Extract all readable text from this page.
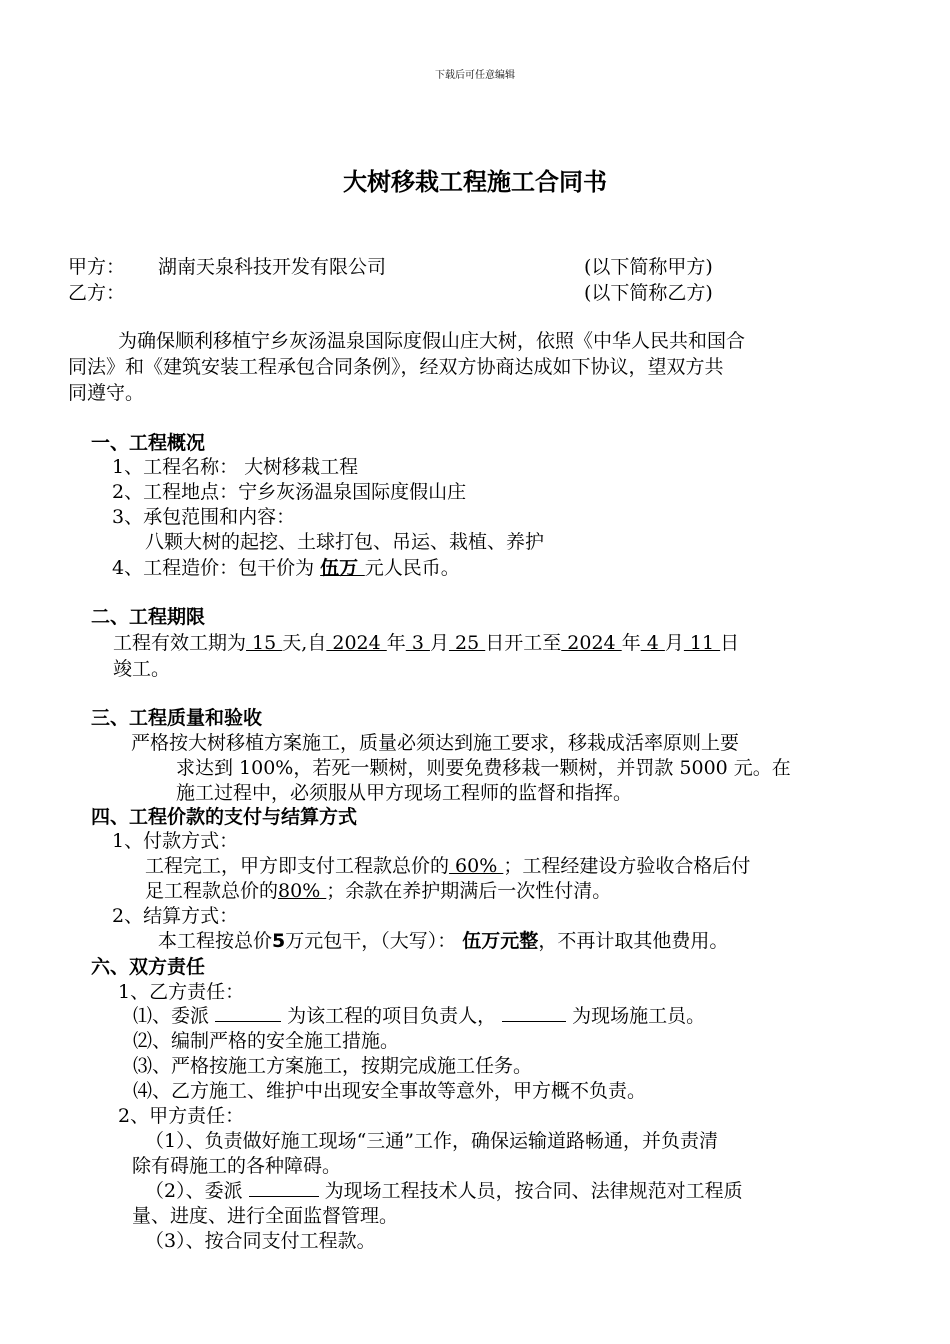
下载后可任意编辑
大树移栽工程施工合同书
甲方： 湖南天泉科技开发有限公司	(以下简称甲方)
乙方：	(以下简称乙方)
为确保顺利移植宁乡灰汤温泉国际度假山庄大树，依照《中华人民共和国合
同法》和《建筑安装工程承包合同条例》，经双方协商达成如下协议，望双方共
同遵守。
一、工程概况
1、工程名称： 大树移栽工程
2、工程地点：宁乡灰汤温泉国际度假山庄
3、承包范围和内容：
八颗大树的起挖、土球打包、吊运、栽植、养护
4、工程造价：包干价为 伍万 元人民币。
二、工程期限
工程有效工期为 15 天,自 2024 年 3 月 25 日开工至 2024 年 4 月 11 日
竣工。
三、工程质量和验收
严格按大树移植方案施工，质量必须达到施工要求，移栽成活率原则上要
求达到 100%，若死一颗树，则要免费移栽一颗树，并罚款 5000 元。在
施工过程中，必须服从甲方现场工程师的监督和指挥。
四、工程价款的支付与结算方式
1、付款方式：
工程完工，甲方即支付工程款总价的 60% ；工程经建设方验收合格后付
足工程款总价的80% ；余款在养护期满后一次性付清。
2、结算方式：
本工程按总价5万元包干，（大写）： 伍万元整，不再计取其他费用。
六、双方责任
1、乙方责任：
⑴、委派	为该工程的项目负责人，	为现场施工员。
⑵、编制严格的安全施工措施。
⑶、严格按施工方案施工，按期完成施工任务。
⑷、乙方施工、维护中出现安全事故等意外，甲方概不负责。
2、甲方责任：
（1）、负责做好施工现场“三通”工作，确保运输道路畅通，并负责清
除有碍施工的各种障碍。
（2）、委派	为现场工程技术人员，按合同、法律规范对工程质
量、进度、进行全面监督管理。
（3）、按合同支付工程款。
